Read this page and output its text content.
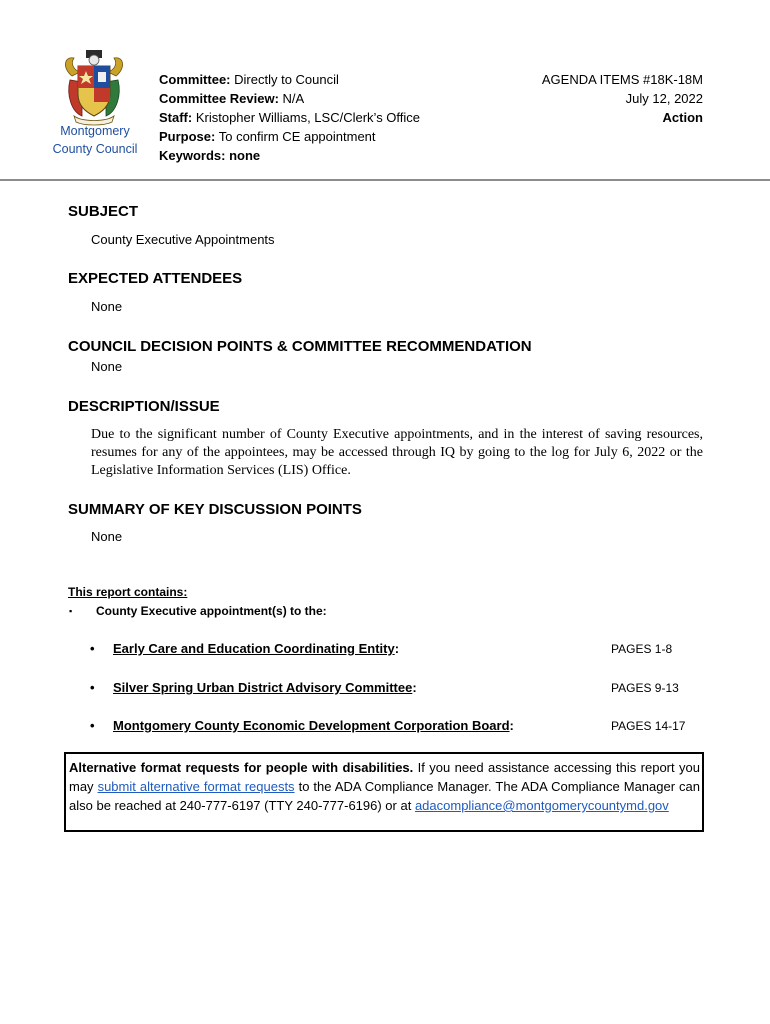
Montgomery
County Council
Committee: Directly to Council
Committee Review: N/A
Staff: Kristopher Williams, LSC/Clerk’s Office
Purpose: To confirm CE appointment
Keywords: none
AGENDA ITEMS #18K-18M
July 12, 2022
Action
SUBJECT
County Executive Appointments
EXPECTED ATTENDEES
None
COUNCIL DECISION POINTS & COMMITTEE RECOMMENDATION
None
DESCRIPTION/ISSUE
Due to the significant number of County Executive appointments, and in the interest of saving resources, resumes for any of the appointees, may be accessed through IQ by going to the log for July 6, 2022 or the Legislative Information Services (LIS) Office.
SUMMARY OF KEY DISCUSSION POINTS
None
This report contains:
▪ County Executive appointment(s) to the:
• Early Care and Education Coordinating Entity:	PAGES 1-8
• Silver Spring Urban District Advisory Committee:	PAGES 9-13
• Montgomery County Economic Development Corporation Board:	PAGES 14-17
Alternative format requests for people with disabilities. If you need assistance accessing this report you may submit alternative format requests to the ADA Compliance Manager. The ADA Compliance Manager can also be reached at 240-777-6197 (TTY 240-777-6196) or at adacompliance@montgomerycountymd.gov
